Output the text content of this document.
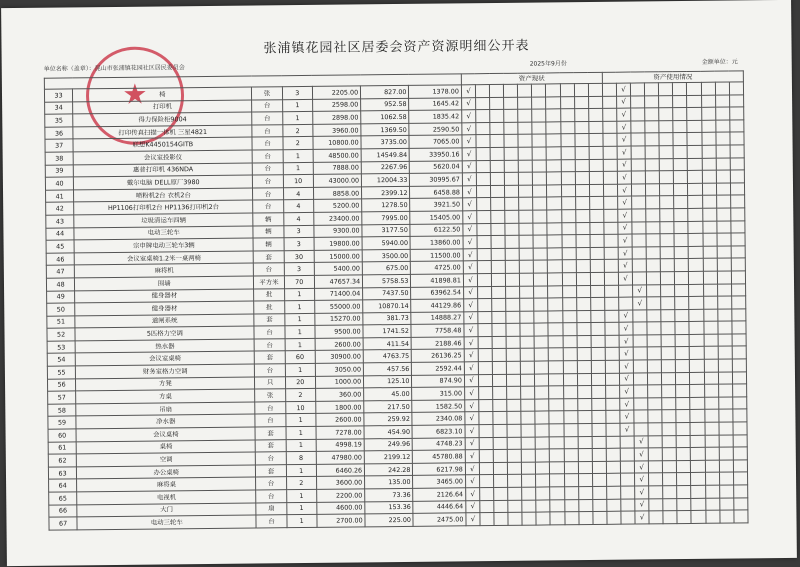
★
张浦镇花园社区居委会资产资源明细公开表
单位名称（盖章）：昆山市张浦镇花园社区居民委员会
2025年9月份	金额单位：元
							资产现状										资产使用情况									
33	椅	张	3	2205.00	827.00	1378.00	√											√								
34	打印机	台	1	2598.00	952.58	1645.42	√											√								
35	得力保险柜9004	台	1	2898.00	1062.58	1835.42	√											√								
36	打印传真扫描一体机 三星4821	台	2	3960.00	1369.50	2590.50	√											√								
37	联想K4450154GITB	台	2	10800.00	3735.00	7065.00	√											√								
38	会议室投影仪	台	1	48500.00	14549.84	33950.16	√											√								
39	惠普打印机 436NDA	台	1	7888.00	2267.96	5620.04	√											√								
40	戴尔电脑 DELL原厂3980	台	10	43000.00	12004.33	30995.67	√											√								
41	喷粉机2台 衣机2台	台	4	8858.00	2399.12	6458.88	√											√								
42	HP1106打印机2台 HP1136打印机2台	台	4	5200.00	1278.50	3921.50	√											√								
43	垃圾清运车四辆	辆	4	23400.00	7995.00	15405.00	√											√								
44	电动三轮车	辆	3	9300.00	3177.50	6122.50	√											√								
45	宗申牌电动三轮车3辆	辆	3	19800.00	5940.00	13860.00	√											√								
46	会议室桌椅1.2米一桌两椅	套	30	15000.00	3500.00	11500.00	√											√								
47	麻将机	台	3	5400.00	675.00	4725.00	√											√								
48	围墙	平方米	70	47657.34	5758.53	41898.81	√											√								
49	健身器材	批	1	71400.04	7437.50	63962.54	√												√							
50	健身器材	批	1	55000.00	10870.14	44129.86	√												√							
51	道闸系统	套	1	15270.00	381.73	14888.27	√											√								
52	5匹格力空调	台	1	9500.00	1741.52	7758.48	√											√								
53	热水器	台	1	2600.00	411.54	2188.46	√											√								
54	会议室桌椅	套	60	30900.00	4763.75	26136.25	√											√								
55	财务室格力空调	台	1	3050.00	457.56	2592.44	√											√								
56	方凳	只	20	1000.00	125.10	874.90	√											√								
57	方桌	张	2	360.00	45.00	315.00	√											√								
58	吊扇	台	10	1800.00	217.50	1582.50	√											√								
59	净水器	台	1	2600.00	259.92	2340.08	√											√								
60	会议桌椅	套	1	7278.00	454.90	6823.10	√											√								
61	桌椅	套	1	4998.19	249.96	4748.23	√												√							
62	空调	台	8	47980.00	2199.12	45780.88	√												√							
63	办公桌椅	套	1	6460.26	242.28	6217.98	√												√							
64	麻将桌	台	2	3600.00	135.00	3465.00	√												√							
65	电视机	台	1	2200.00	73.36	2126.64	√												√							
66	大门	扇	1	4600.00	153.36	4446.64	√												√							
67	电动三轮车	台	1	2700.00	225.00	2475.00	√												√							
